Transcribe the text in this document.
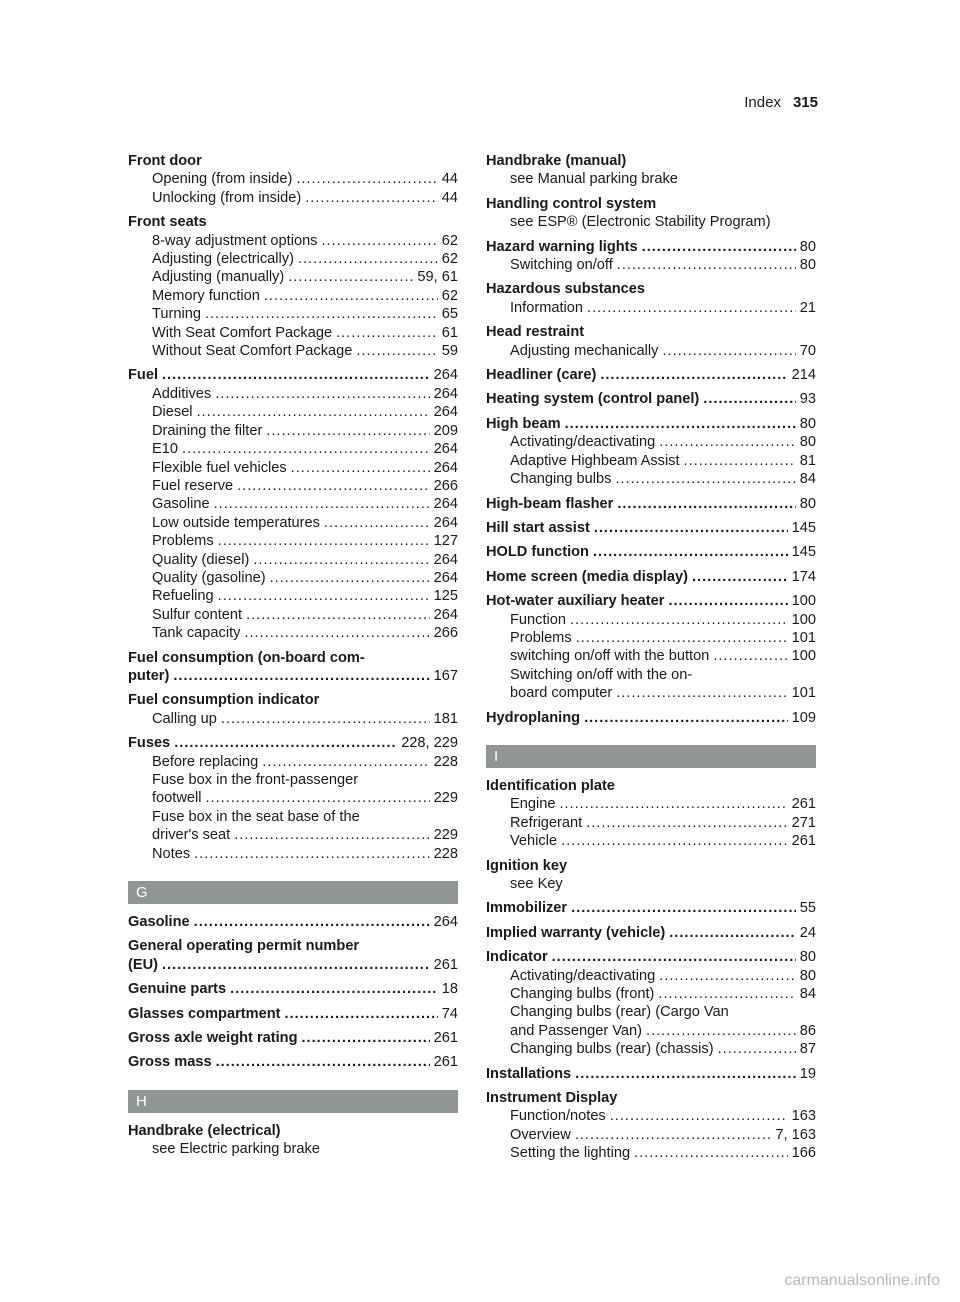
Index 315
Front door
Opening (from inside) .....	44
Unlocking (from inside) .....	44
Front seats
8-way adjustment options .....	62
Adjusting (electrically) .....	62
Adjusting (manually) .....	59, 61
Memory function .....	62
Turning .....	65
With Seat Comfort Package .....	61
Without Seat Comfort Package .....	59
Fuel .....	264
Additives .....	264
Diesel .....	264
Draining the filter .....	209
E10 .....	264
Flexible fuel vehicles .....	264
Fuel reserve .....	266
Gasoline .....	264
Low outside temperatures .....	264
Problems .....	127
Quality (diesel) .....	264
Quality (gasoline) .....	264
Refueling .....	125
Sulfur content .....	264
Tank capacity .....	266
Fuel consumption (on-board com-
puter) .....	167
Fuel consumption indicator
Calling up .....	181
Fuses .....	228, 229
Before replacing .....	228
Fuse box in the front-passenger
footwell .....	229
Fuse box in the seat base of the
driver's seat .....	229
Notes .....	228
G
Gasoline .....	264
General operating permit number
(EU) .....	261
Genuine parts .....	18
Glasses compartment .....	74
Gross axle weight rating .....	261
Gross mass .....	261
H
Handbrake (electrical)
see Electric parking brake
Handbrake (manual)
see Manual parking brake
Handling control system
see ESP® (Electronic Stability Program)
Hazard warning lights .....	80
Switching on/off .....	80
Hazardous substances
Information .....	21
Head restraint
Adjusting mechanically .....	70
Headliner (care) .....	214
Heating system (control panel) .....	93
High beam .....	80
Activating/deactivating .....	80
Adaptive Highbeam Assist .....	81
Changing bulbs .....	84
High-beam flasher .....	80
Hill start assist .....	145
HOLD function .....	145
Home screen (media display) .....	174
Hot-water auxiliary heater .....	100
Function .....	100
Problems .....	101
switching on/off with the button .....	100
Switching on/off with the on-
board computer .....	101
Hydroplaning .....	109
I
Identification plate
Engine .....	261
Refrigerant .....	271
Vehicle .....	261
Ignition key
see Key
Immobilizer .....	55
Implied warranty (vehicle) .....	24
Indicator .....	80
Activating/deactivating .....	80
Changing bulbs (front) .....	84
Changing bulbs (rear) (Cargo Van
and Passenger Van) .....	86
Changing bulbs (rear) (chassis) .....	87
Installations .....	19
Instrument Display
Function/notes .....	163
Overview .....	7, 163
Setting the lighting .....	166
carmanualsonline.info
